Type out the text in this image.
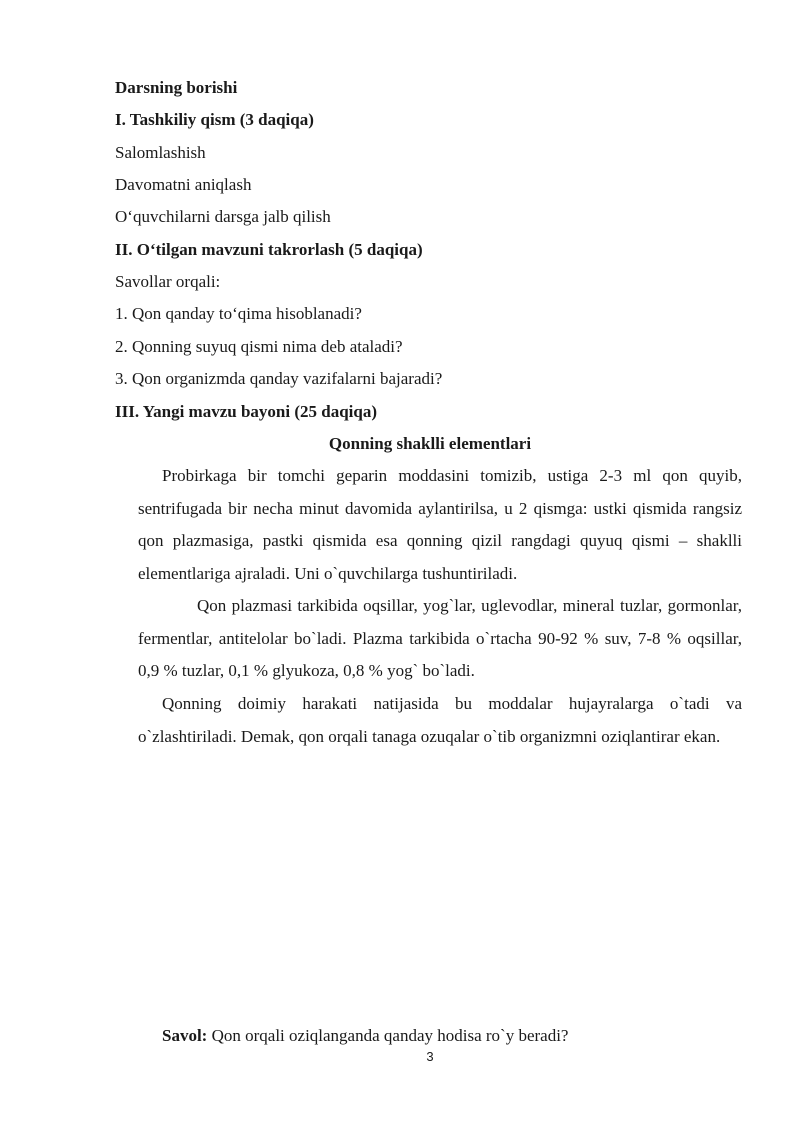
Darsning borishi
I. Tashkiliy qism (3 daqiqa)
Salomlashish
Davomatni aniqlash
O‘quvchilarni darsga jalb qilish
II. O‘tilgan mavzuni takrorlash (5 daqiqa)
Savollar orqali:
1. Qon qanday to‘qima hisoblanadi?
2. Qonning suyuq qismi nima deb ataladi?
3. Qon organizmda qanday vazifalarni bajaradi?
III. Yangi mavzu bayoni (25 daqiqa)
Qonning shaklli elementlari
Probirkaga bir tomchi geparin moddasini tomizib, ustiga 2-3 ml qon quyib, sentrifugada bir necha minut davomida aylantirilsa, u 2 qismga: ustki qismida rangsiz qon plazmasiga, pastki qismida esa qonning qizil rangdagi quyuq qismi – shaklli elementlariga ajraladi. Uni o`quvchilarga tushuntiriladi.
Qon plazmasi tarkibida oqsillar, yog`lar, uglevodlar, mineral tuzlar, gormonlar, fermentlar, antitelolar bo`ladi. Plazma tarkibida o`rtacha 90-92 % suv, 7-8 % oqsillar, 0,9 % tuzlar, 0,1 % glyukoza, 0,8 % yog` bo`ladi.
Qonning doimiy harakati natijasida bu moddalar hujayralarga o`tadi va o`zlashtiriladi. Demak, qon orqali tanaga ozuqalar o`tib organizmni oziqlantirar ekan.
Savol: Qon orqali oziqlanganda qanday hodisa ro`y beradi?
3
